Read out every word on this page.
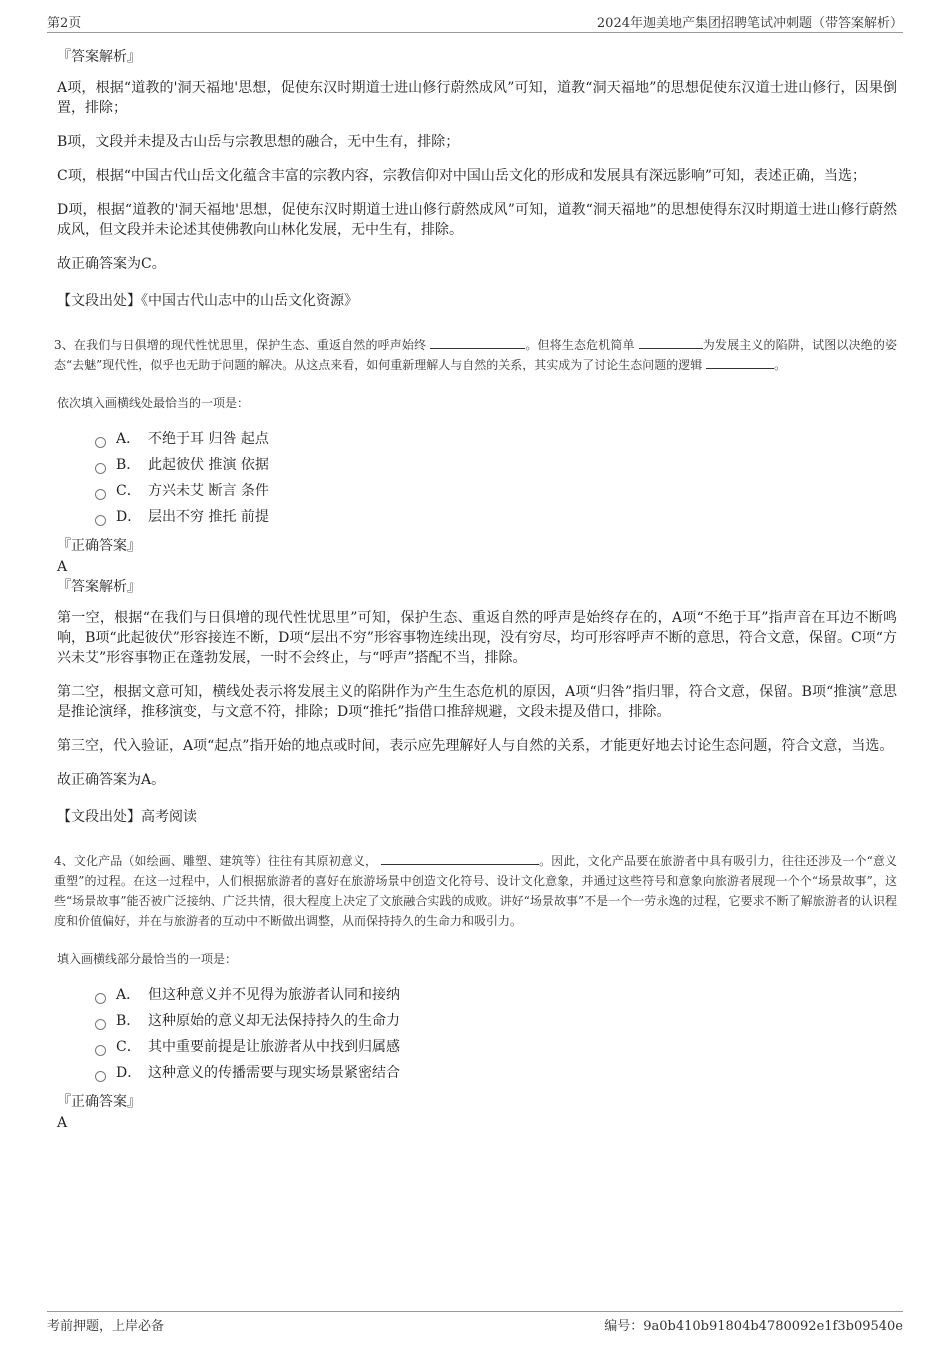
第2页	2024年迦美地产集团招聘笔试冲刺题（带答案解析）
『答案解析』
A项，根据“道教的'洞天福地'思想，促使东汉时期道士进山修行蔚然成风”可知，道教“洞天福地”的思想促使东汉道士进山修行，因果倒置，排除；
B项，文段并未提及古山岳与宗教思想的融合，无中生有，排除；
C项，根据“中国古代山岳文化蕴含丰富的宗教内容，宗教信仰对中国山岳文化的形成和发展具有深远影响”可知，表述正确，当选；
D项，根据“道教的'洞天福地'思想，促使东汉时期道士进山修行蔚然成风”可知，道教“洞天福地”的思想使得东汉时期道士进山修行蔚然成风，但文段并未论述其使佛教向山林化发展，无中生有，排除。
故正确答案为C。
【文段出处】《中国古代山志中的山岳文化资源》
3、在我们与日俱增的现代性忧思里，保护生态、重返自然的呼声始终	。但将生态危机简单	为发展主义的陷阱，试图以决绝的姿态“去魅”现代性，似乎也无助于问题的解决。从这点来看，如何重新理解人与自然的关系，其实成为了讨论生态问题的逻辑	。
依次填入画横线处最恰当的一项是：
A． 不绝于耳 归咎 起点
B． 此起彼伏 推演 依据
C． 方兴未艾 断言 条件
D． 层出不穷 推托 前提
『正确答案』
A
『答案解析』
第一空，根据“在我们与日俱增的现代性忧思里”可知，保护生态、重返自然的呼声是始终存在的，A项“不绝于耳”指声音在耳边不断鸣响，B项“此起彼伏”形容接连不断，D项“层出不穷”形容事物连续出现，没有穷尽，均可形容呼声不断的意思，符合文意，保留。C项“方兴未艾”形容事物正在蓬勃发展，一时不会终止，与“呼声”搭配不当，排除。
第二空，根据文意可知，横线处表示将发展主义的陷阱作为产生生态危机的原因，A项“归咎”指归罪，符合文意，保留。B项“推演”意思是推论演绎，推移演变，与文意不符，排除；D项“推托”指借口推辞规避，文段未提及借口，排除。
第三空，代入验证，A项“起点”指开始的地点或时间，表示应先理解好人与自然的关系，才能更好地去讨论生态问题，符合文意，当选。
故正确答案为A。
【文段出处】高考阅读
4、文化产品（如绘画、雕塑、建筑等）往往有其原初意义，	。因此，文化产品要在旅游者中具有吸引力，往往还涉及一个“意义重塑”的过程。在这一过程中，人们根据旅游者的喜好在旅游场景中创造文化符号、设计文化意象，并通过这些符号和意象向旅游者展现一个个“场景故事”，这些“场景故事”能否被广泛接纳、广泛共情，很大程度上决定了文旅融合实践的成败。讲好“场景故事”不是一个一劳永逸的过程，它要求不断了解旅游者的认识程度和价值偏好，并在与旅游者的互动中不断做出调整，从而保持持久的生命力和吸引力。
填入画横线部分最恰当的一项是：
A． 但这种意义并不见得为旅游者认同和接纳
B． 这种原始的意义却无法保持持久的生命力
C． 其中重要前提是让旅游者从中找到归属感
D． 这种意义的传播需要与现实场景紧密结合
『正确答案』
A
考前押题，上岸必备	编号：9a0b410b91804b4780092e1f3b09540e
